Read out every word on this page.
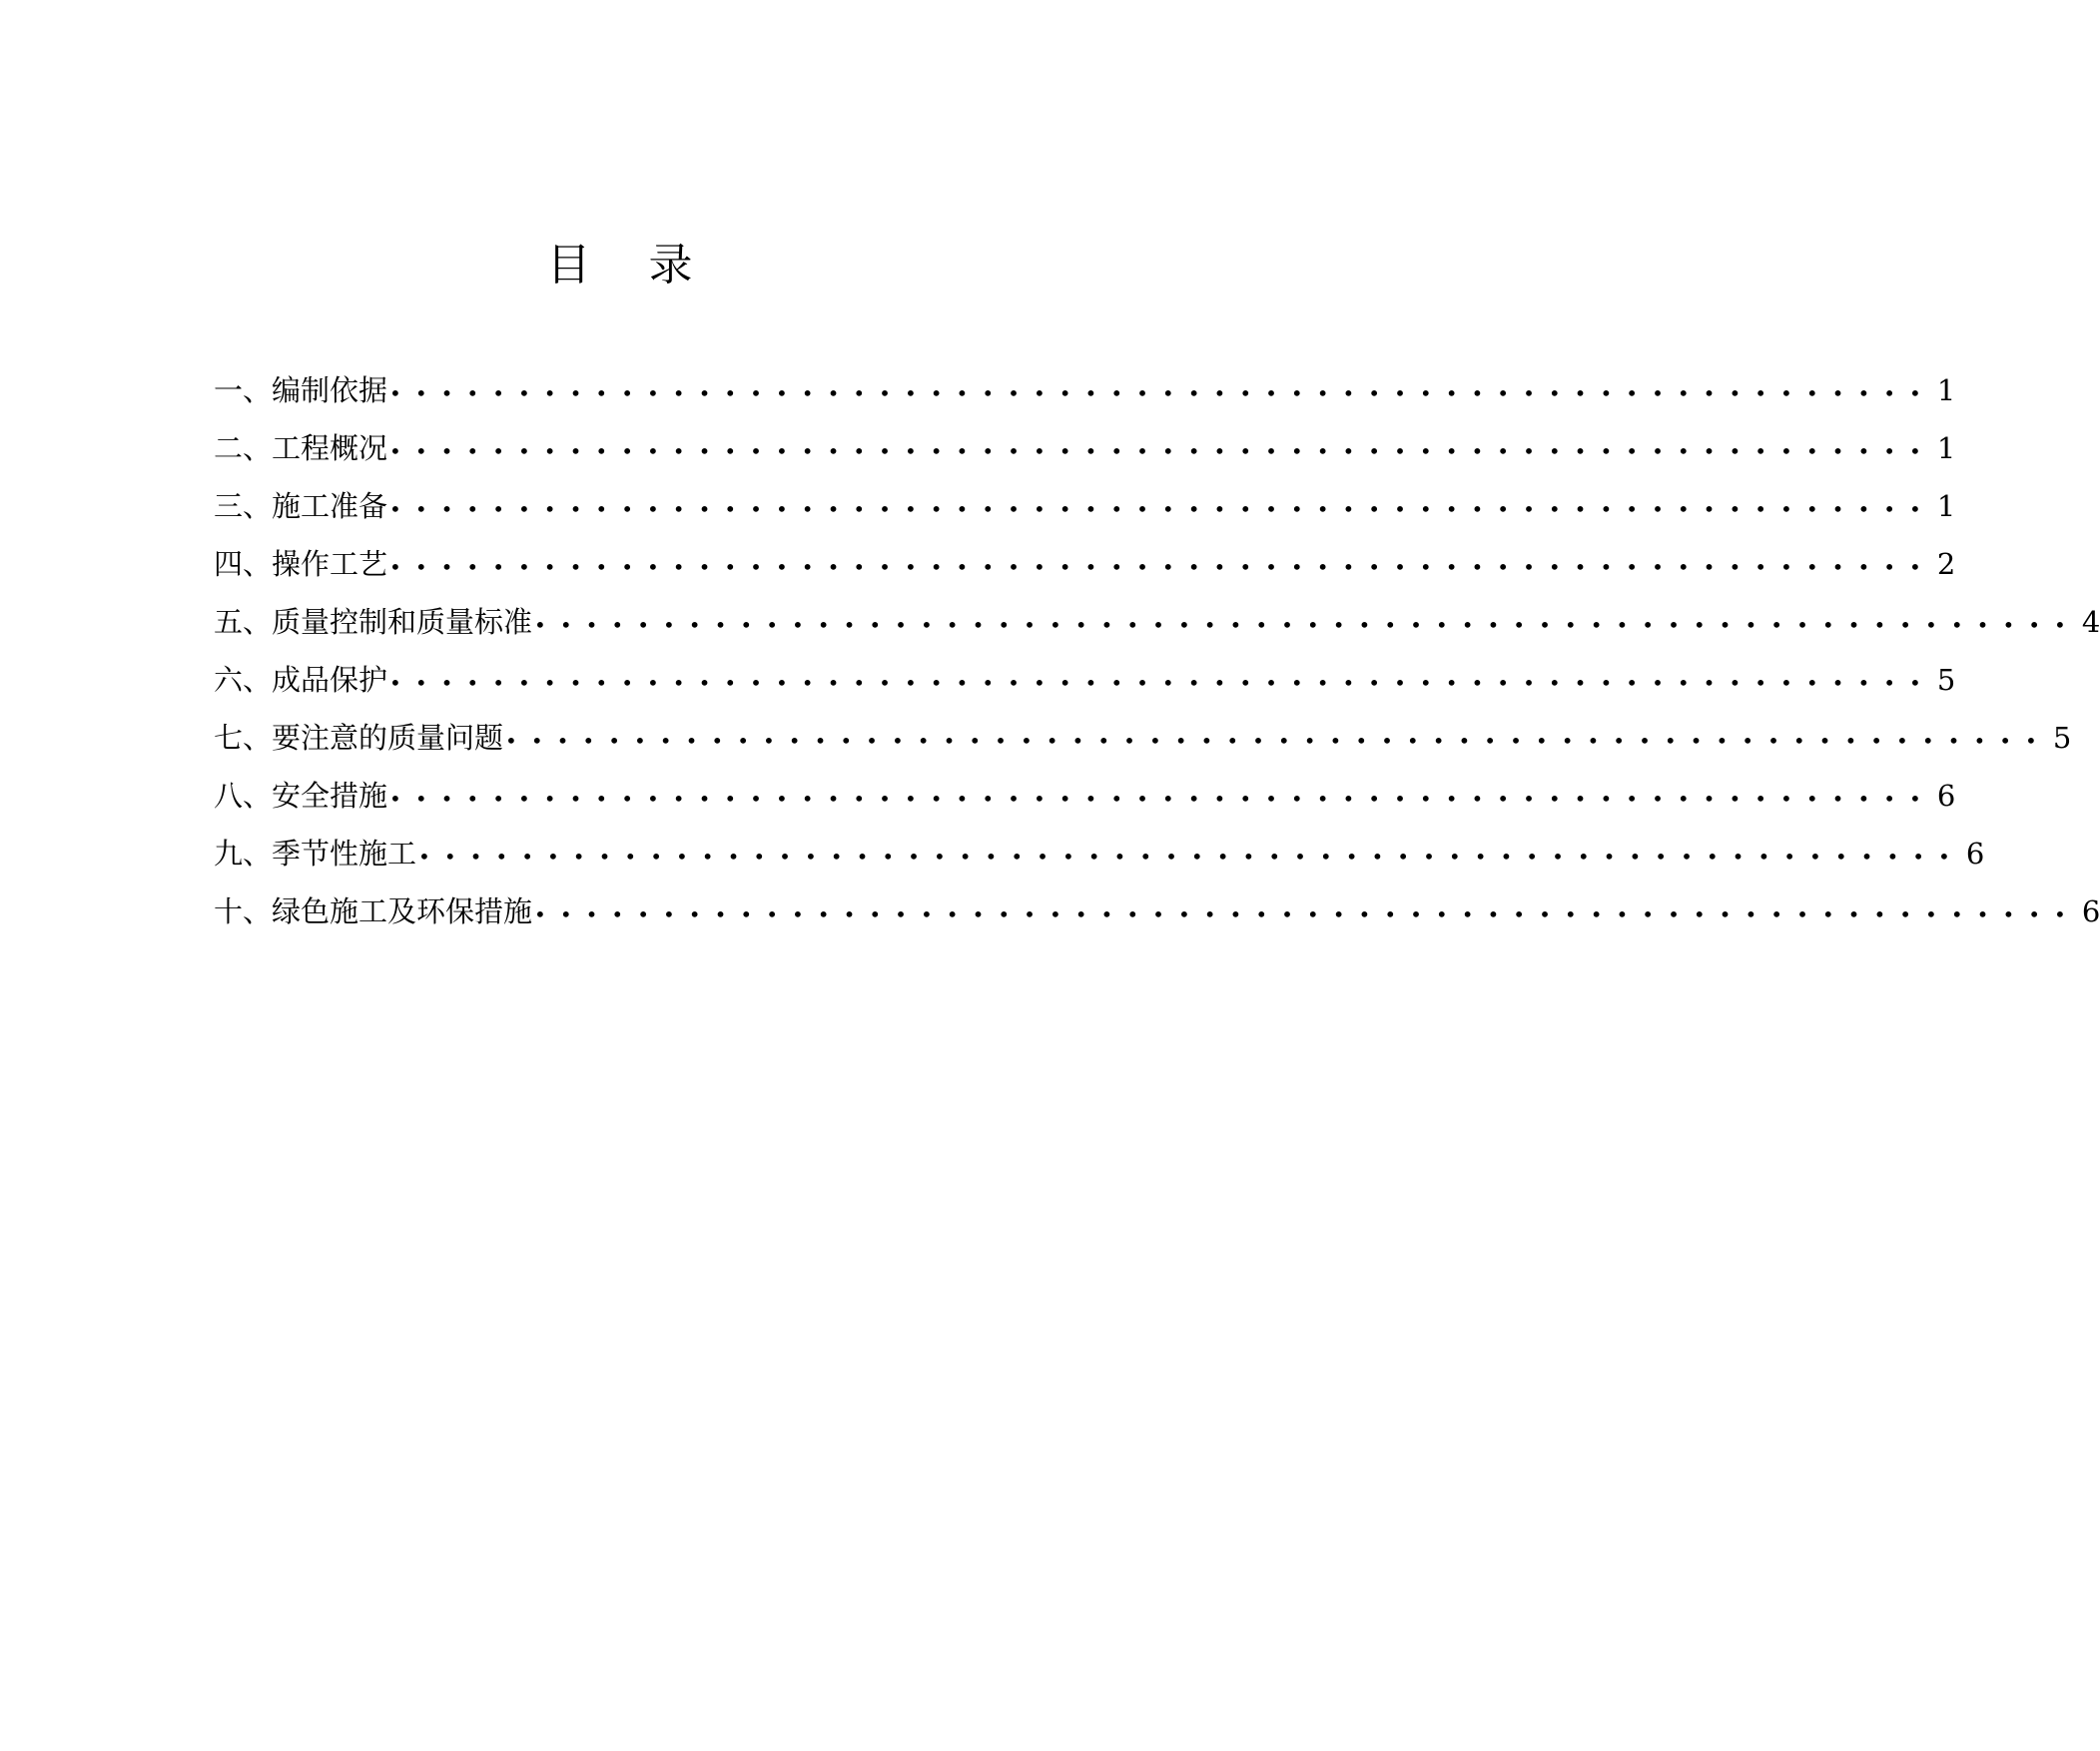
目录
一、编制依据 •••••••••••••••••••••••••••••••••••••••••••••••••••••••••••• 1
二、工程概况 •••••••••••••••••••••••••••••••••••••••••••••••••••••••••••• 1
三、施工准备 •••••••••••••••••••••••••••••••••••••••••••••••••••••••••••• 1
四、操作工艺 •••••••••••••••••••••••••••••••••••••••••••••••••••••••••••• 2
五、质量控制和质量标准 •••••••••••••••••••••••••••••••••••••••••••••••••••••••••••• 4
六、成品保护 •••••••••••••••••••••••••••••••••••••••••••••••••••••••••••• 5
七、要注意的质量问题 •••••••••••••••••••••••••••••••••••••••••••••••••••••••••••• 5
八、安全措施 •••••••••••••••••••••••••••••••••••••••••••••••••••••••••••• 6
九、季节性施工 •••••••••••••••••••••••••••••••••••••••••••••••••••••••••••• 6
十、绿色施工及环保措施 •••••••••••••••••••••••••••••••••••••••••••••••••••••••••••• 6
